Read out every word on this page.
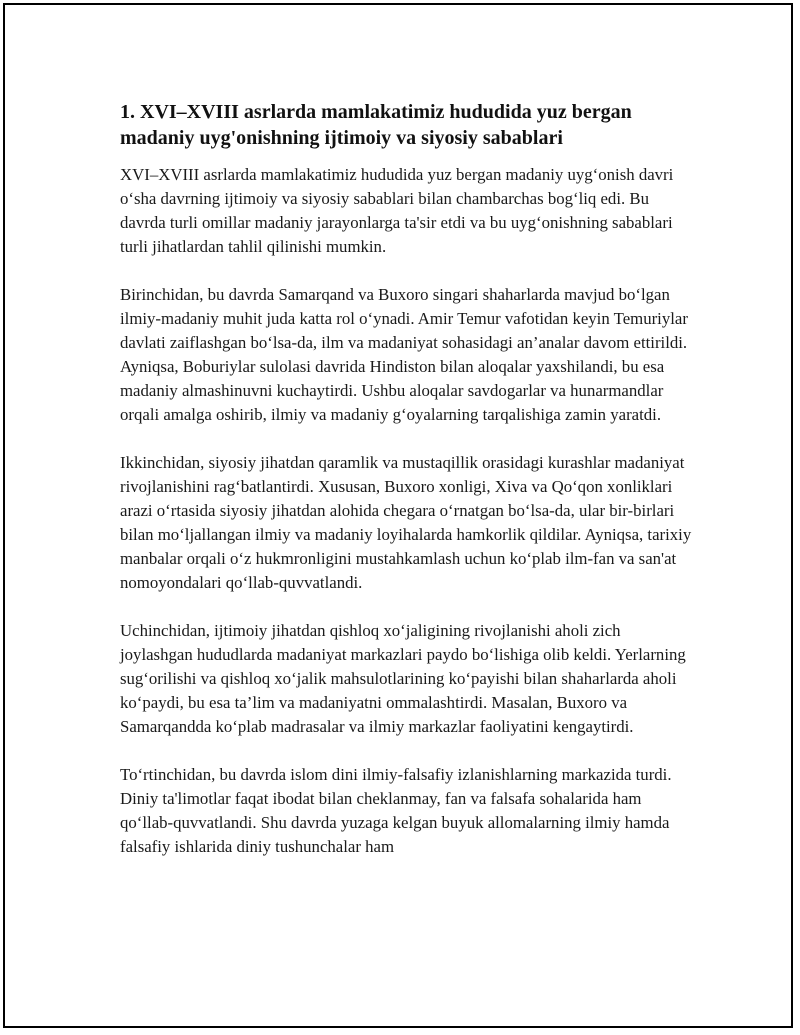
1. XVI–XVIII asrlarda mamlakatimiz hududida yuz bergan madaniy uyg'onishning ijtimoiy va siyosiy sabablari

XVI–XVIII asrlarda mamlakatimiz hududida yuz bergan madaniy uyg‘onish davri o‘sha davrning ijtimoiy va siyosiy sabablari bilan chambarchas bog‘liq edi. Bu davrda turli omillar madaniy jarayonlarga ta'sir etdi va bu uyg‘onishning sabablari turli jihatlardan tahlil qilinishi mumkin.

Birinchidan, bu davrda Samarqand va Buxoro singari shaharlarda mavjud bo‘lgan ilmiy-madaniy muhit juda katta rol o‘ynadi. Amir Temur vafotidan keyin Temuriylar davlati zaiflashgan bo‘lsa-da, ilm va madaniyat sohasidagi an’analar davom ettirildi. Ayniqsa, Boburiylar sulolasi davrida Hindiston bilan aloqalar yaxshilandi, bu esa madaniy almashinuvni kuchaytirdi. Ushbu aloqalar savdogarlar va hunarmandlar orqali amalga oshirib, ilmiy va madaniy g‘oyalarning tarqalishiga zamin yaratdi.

Ikkinchidan, siyosiy jihatdan qaramlik va mustaqillik orasidagi kurashlar madaniyat rivojlanishini rag‘batlantirdi. Xususan, Buxoro xonligi, Xiva va Qo‘qon xonliklari arazi o‘rtasida siyosiy jihatdan alohida chegara o‘rnatgan bo‘lsa-da, ular bir-birlari bilan mo‘ljallangan ilmiy va madaniy loyihalarda hamkorlik qildilar. Ayniqsa, tarixiy manbalar orqali o‘z hukmronligini mustahkamlash uchun ko‘plab ilm-fan va san'at nomoyondalari qo‘llab-quvvatlandi.

Uchinchidan, ijtimoiy jihatdan qishloq xo‘jaligining rivojlanishi aholi zich joylashgan hududlarda madaniyat markazlari paydo bo‘lishiga olib keldi. Yerlarning sug‘orilishi va qishloq xo‘jalik mahsulotlarining ko‘payishi bilan shaharlarda aholi ko‘paydi, bu esa ta’lim va madaniyatni ommalashtirdi. Masalan, Buxoro va Samarqandda ko‘plab madrasalar va ilmiy markazlar faoliyatini kengaytirdi.

To‘rtinchidan, bu davrda islom dini ilmiy-falsafiy izlanishlarning markazida turdi. Diniy ta'limotlar faqat ibodat bilan cheklanmay, fan va falsafa sohalarida ham qo‘llab-quvvatlandi. Shu davrda yuzaga kelgan buyuk allomalarning ilmiy hamda falsafiy ishlarida diniy tushunchalar ham
